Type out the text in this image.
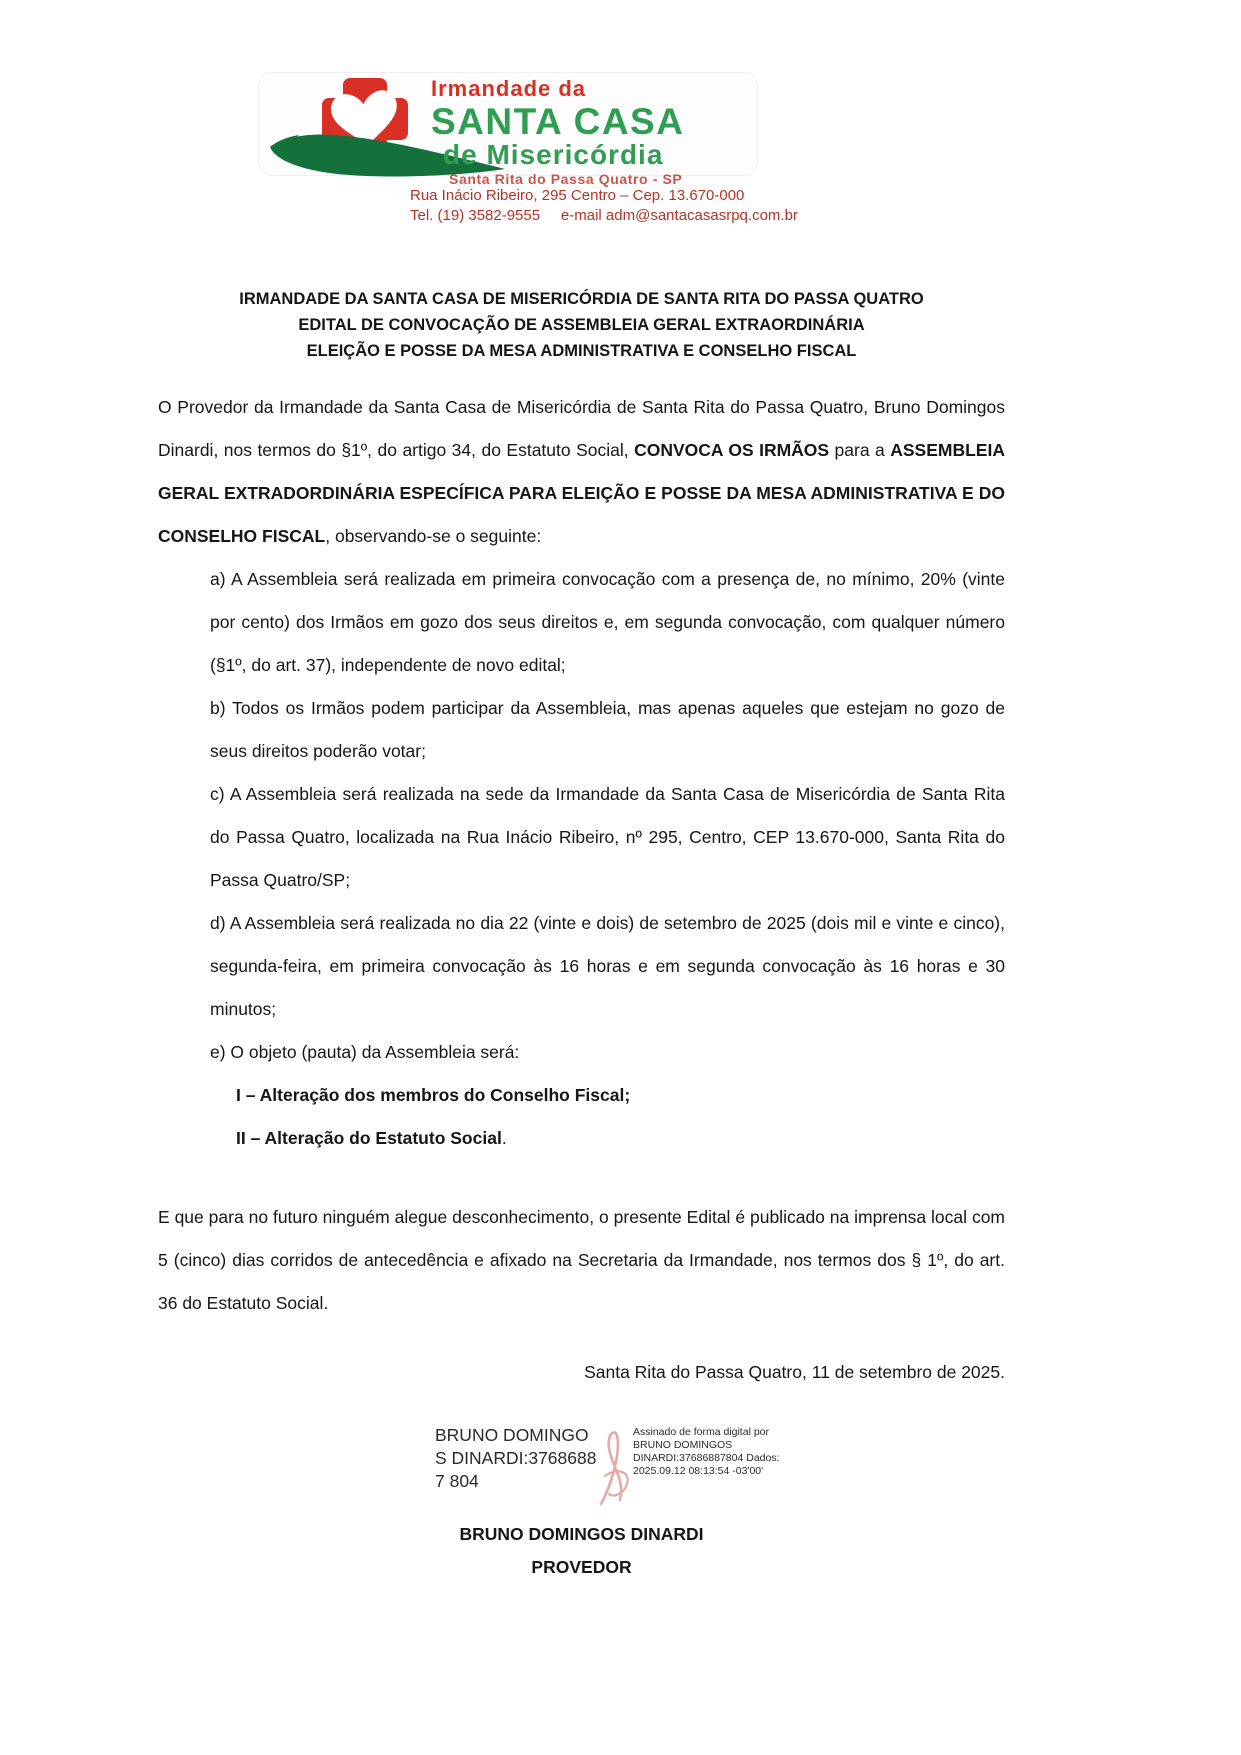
Irmandade da
SANTA CASA
de Misericórdia
Santa Rita do Passa Quatro - SP
Rua Inácio Ribeiro, 295 Centro – Cep. 13.670-000
Tel. (19) 3582-9555     e-mail adm@santacasasrpq.com.br
IRMANDADE DA SANTA CASA DE MISERICÓRDIA DE SANTA RITA DO PASSA QUATRO
EDITAL DE CONVOCAÇÃO DE ASSEMBLEIA GERAL EXTRAORDINÁRIA
ELEIÇÃO E POSSE DA MESA ADMINISTRATIVA E CONSELHO FISCAL

O Provedor da Irmandade da Santa Casa de Misericórdia de Santa Rita do Passa Quatro, Bruno Domingos Dinardi, nos termos do §1º, do artigo 34, do Estatuto Social, CONVOCA OS IRMÃOS para a ASSEMBLEIA GERAL EXTRADORDINÁRIA ESPECÍFICA PARA ELEIÇÃO E POSSE DA MESA ADMINISTRATIVA E DO CONSELHO FISCAL, observando-se o seguinte:

a) A Assembleia será realizada em primeira convocação com a presença de, no mínimo, 20% (vinte por cento) dos Irmãos em gozo dos seus direitos e, em segunda convocação, com qualquer número (§1º, do art. 37), independente de novo edital;

b) Todos os Irmãos podem participar da Assembleia, mas apenas aqueles que estejam no gozo de seus direitos poderão votar;

c) A Assembleia será realizada na sede da Irmandade da Santa Casa de Misericórdia de Santa Rita do Passa Quatro, localizada na Rua Inácio Ribeiro, nº 295, Centro, CEP 13.670-000, Santa Rita do Passa Quatro/SP;

d) A Assembleia será realizada no dia 22 (vinte e dois) de setembro de 2025 (dois mil e vinte e cinco), segunda-feira, em primeira convocação às 16 horas e em segunda convocação às 16 horas e 30 minutos;

e) O objeto (pauta) da Assembleia será:

I – Alteração dos membros do Conselho Fiscal;

II – Alteração do Estatuto Social.

E que para no futuro ninguém alegue desconhecimento, o presente Edital é publicado na imprensa local com 5 (cinco) dias corridos de antecedência e afixado na Secretaria da Irmandade, nos termos dos § 1º, do art. 36 do Estatuto Social.

Santa Rita do Passa Quatro, 11 de setembro de 2025.

BRUNO DOMINGOS DINARDI:37686887 804
Assinado de forma digital por BRUNO DOMINGOS DINARDI:37686887804 Dados: 2025.09.12 08:13:54 -03'00'
BRUNO DOMINGOS DINARDI
PROVEDOR
